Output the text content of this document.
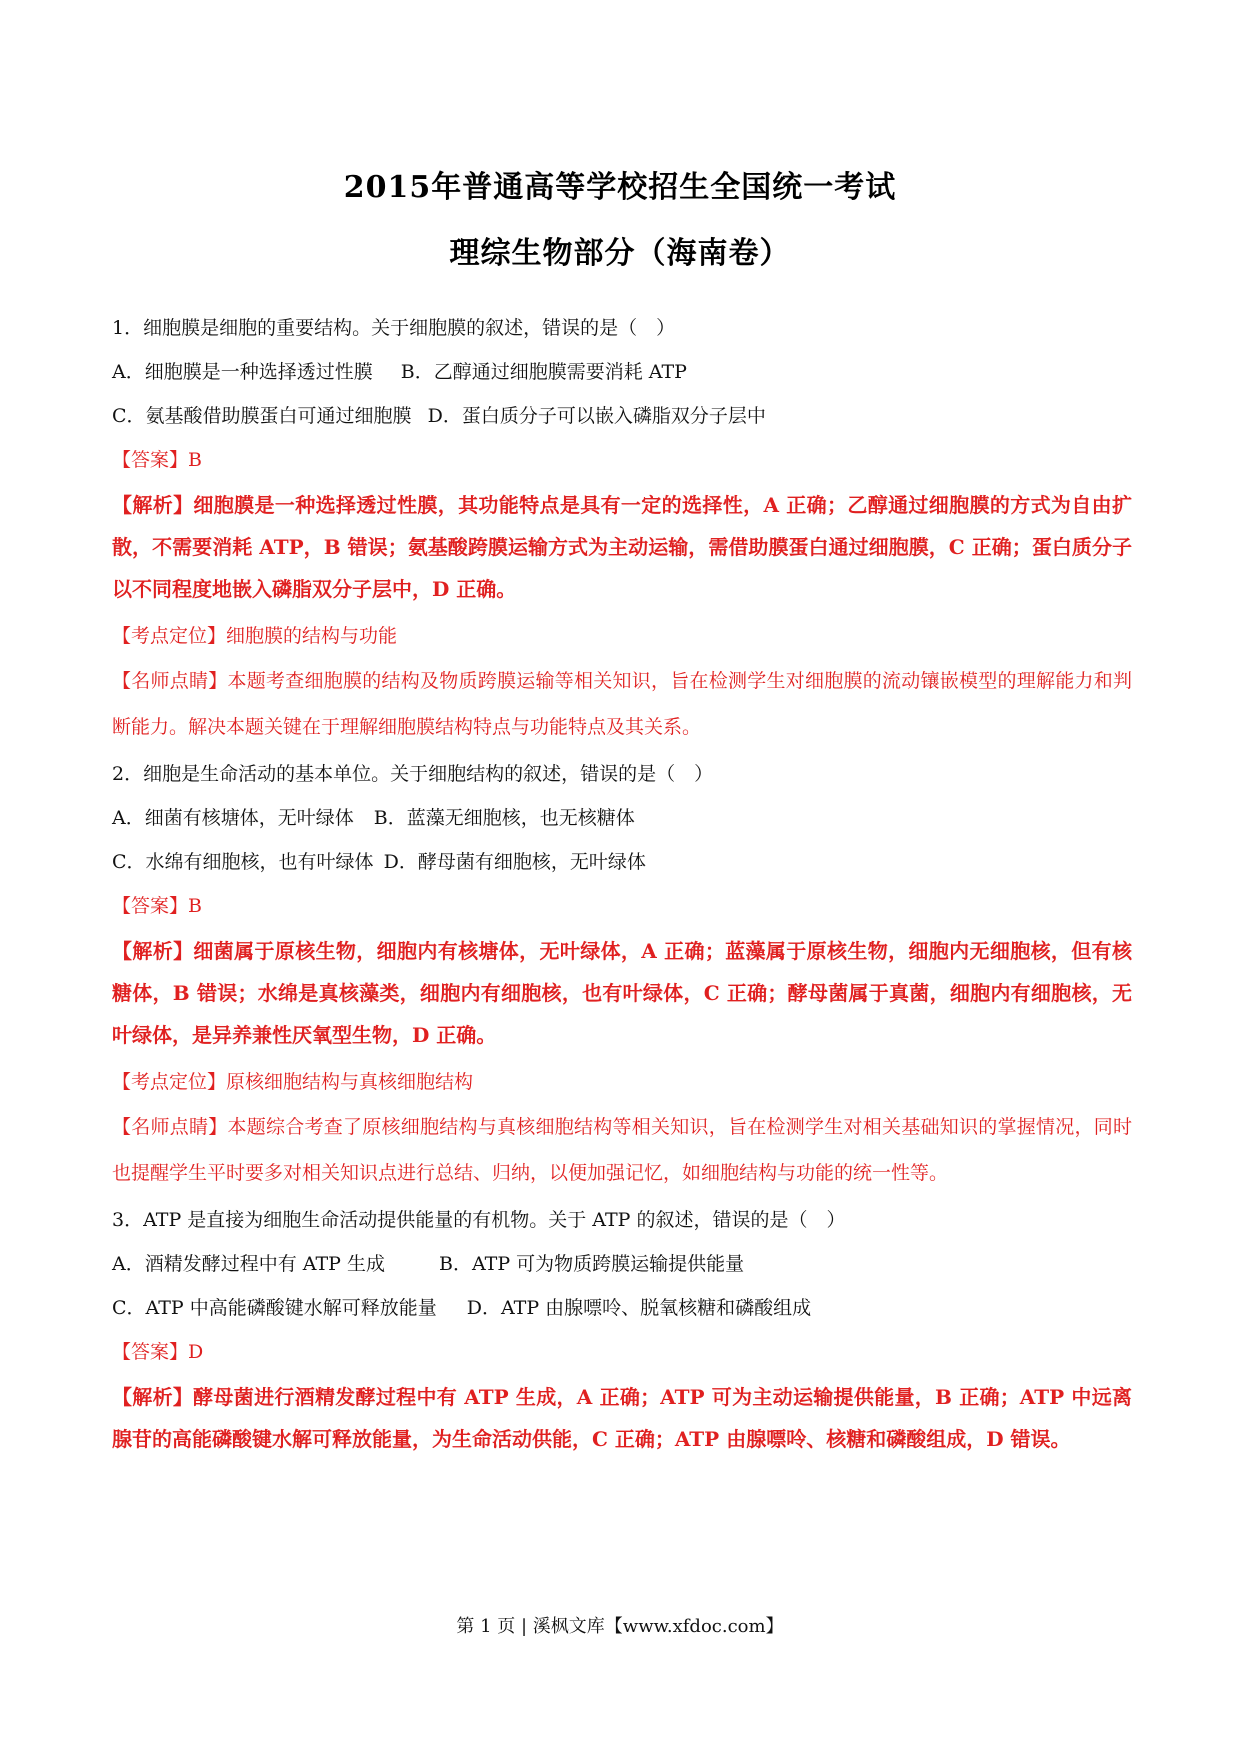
2015年普通高等学校招生全国统一考试
理综生物部分（海南卷）
1．细胞膜是细胞的重要结构。关于细胞膜的叙述，错误的是（　）
A．细胞膜是一种选择透过性膜 B．乙醇通过细胞膜需要消耗 ATP
C．氨基酸借助膜蛋白可通过细胞膜 D．蛋白质分子可以嵌入磷脂双分子层中
【答案】B
【解析】细胞膜是一种选择透过性膜，其功能特点是具有一定的选择性，A 正确；乙醇通过细胞膜的方式为自由扩散，不需要消耗 ATP，B 错误；氨基酸跨膜运输方式为主动运输，需借助膜蛋白通过细胞膜，C 正确；蛋白质分子以不同程度地嵌入磷脂双分子层中，D 正确。
【考点定位】细胞膜的结构与功能
【名师点睛】本题考查细胞膜的结构及物质跨膜运输等相关知识，旨在检测学生对细胞膜的流动镶嵌模型的理解能力和判断能力。解决本题关键在于理解细胞膜结构特点与功能特点及其关系。
2．细胞是生命活动的基本单位。关于细胞结构的叙述，错误的是（　）
A．细菌有核塘体，无叶绿体 B．蓝藻无细胞核，也无核糖体
C．水绵有细胞核，也有叶绿体 D．酵母菌有细胞核，无叶绿体
【答案】B
【解析】细菌属于原核生物，细胞内有核塘体，无叶绿体，A 正确；蓝藻属于原核生物，细胞内无细胞核，但有核糖体，B 错误；水绵是真核藻类，细胞内有细胞核，也有叶绿体，C 正确；酵母菌属于真菌，细胞内有细胞核，无叶绿体，是异养兼性厌氧型生物，D 正确。
【考点定位】原核细胞结构与真核细胞结构
【名师点睛】本题综合考查了原核细胞结构与真核细胞结构等相关知识，旨在检测学生对相关基础知识的掌握情况，同时也提醒学生平时要多对相关知识点进行总结、归纳，以便加强记忆，如细胞结构与功能的统一性等。
3．ATP 是直接为细胞生命活动提供能量的有机物。关于 ATP 的叙述，错误的是（　）
A．酒精发酵过程中有 ATP 生成	B．ATP 可为物质跨膜运输提供能量
C．ATP 中高能磷酸键水解可释放能量 D．ATP 由腺嘌呤、脱氧核糖和磷酸组成
【答案】D
【解析】酵母菌进行酒精发酵过程中有 ATP 生成，A 正确；ATP 可为主动运输提供能量，B 正确；ATP 中远离腺苷的高能磷酸键水解可释放能量，为生命活动供能，C 正确；ATP 由腺嘌呤、核糖和磷酸组成，D 错误。
第 1 页 | 溪枫文库【www.xfdoc.com】
